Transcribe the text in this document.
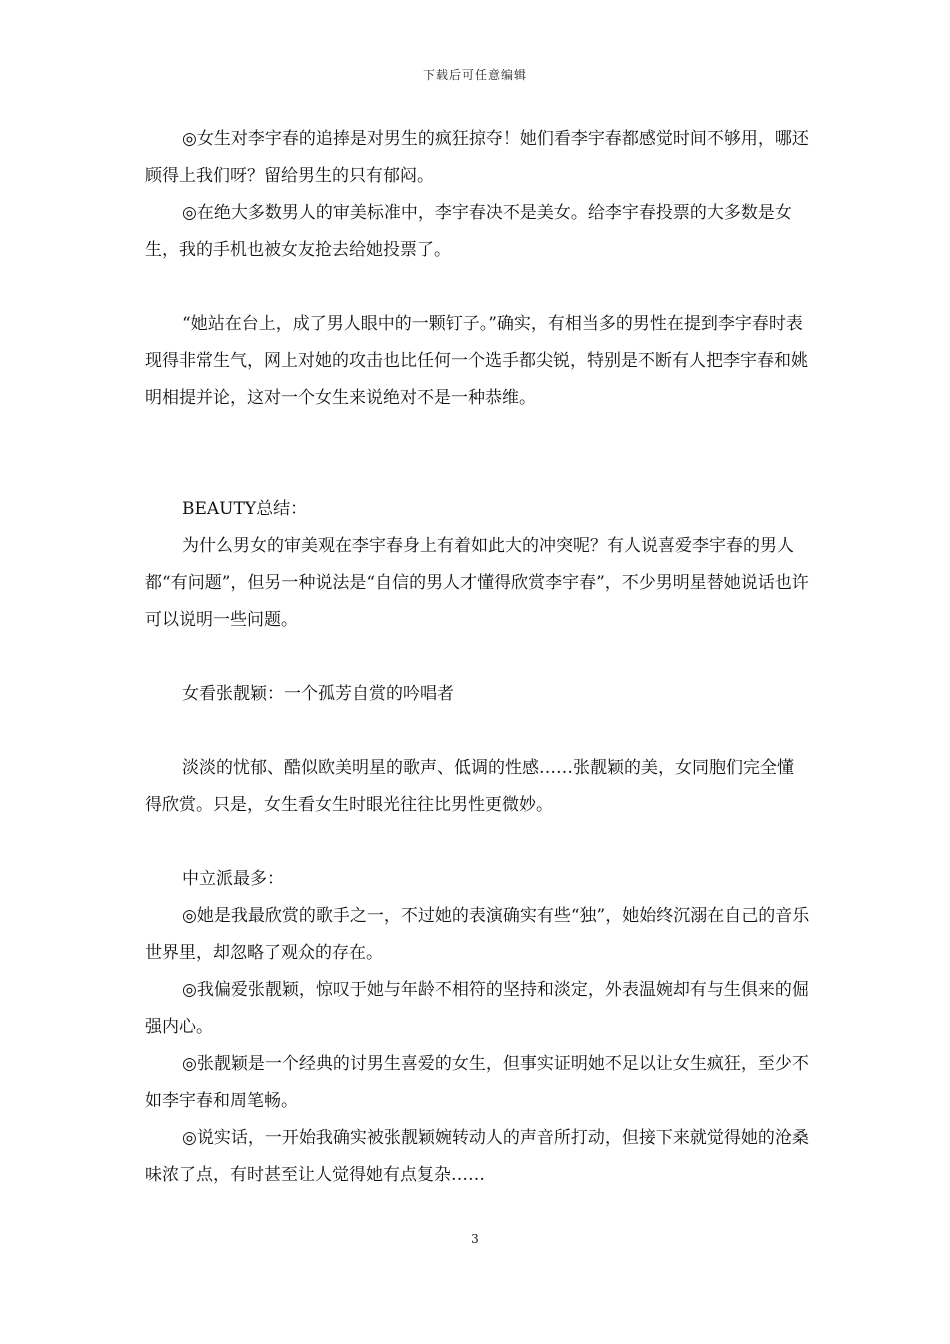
下载后可任意编辑

◎女生对李宇春的追捧是对男生的疯狂掠夺！她们看李宇春都感觉时间不够用，哪还顾得上我们呀？留给男生的只有郁闷。

◎在绝大多数男人的审美标准中，李宇春决不是美女。给李宇春投票的大多数是女生，我的手机也被女友抢去给她投票了。

“她站在台上，成了男人眼中的一颗钉子。”确实，有相当多的男性在提到李宇春时表现得非常生气，网上对她的攻击也比任何一个选手都尖锐，特别是不断有人把李宇春和姚明相提并论，这对一个女生来说绝对不是一种恭维。

BEAUTY总结：

为什么男女的审美观在李宇春身上有着如此大的冲突呢？有人说喜爱李宇春的男人都“有问题”，但另一种说法是“自信的男人才懂得欣赏李宇春”，不少男明星替她说话也许可以说明一些问题。

女看张靓颖：一个孤芳自赏的吟唱者

淡淡的忧郁、酷似欧美明星的歌声、低调的性感……张靓颖的美，女同胞们完全懂得欣赏。只是，女生看女生时眼光往往比男性更微妙。

中立派最多：

◎她是我最欣赏的歌手之一，不过她的表演确实有些“独”，她始终沉溺在自己的音乐世界里，却忽略了观众的存在。

◎我偏爱张靓颖，惊叹于她与年龄不相符的坚持和淡定，外表温婉却有与生俱来的倔强内心。

◎张靓颖是一个经典的讨男生喜爱的女生，但事实证明她不足以让女生疯狂，至少不如李宇春和周笔畅。

◎说实话，一开始我确实被张靓颖婉转动人的声音所打动，但接下来就觉得她的沧桑味浓了点，有时甚至让人觉得她有点复杂……

3
